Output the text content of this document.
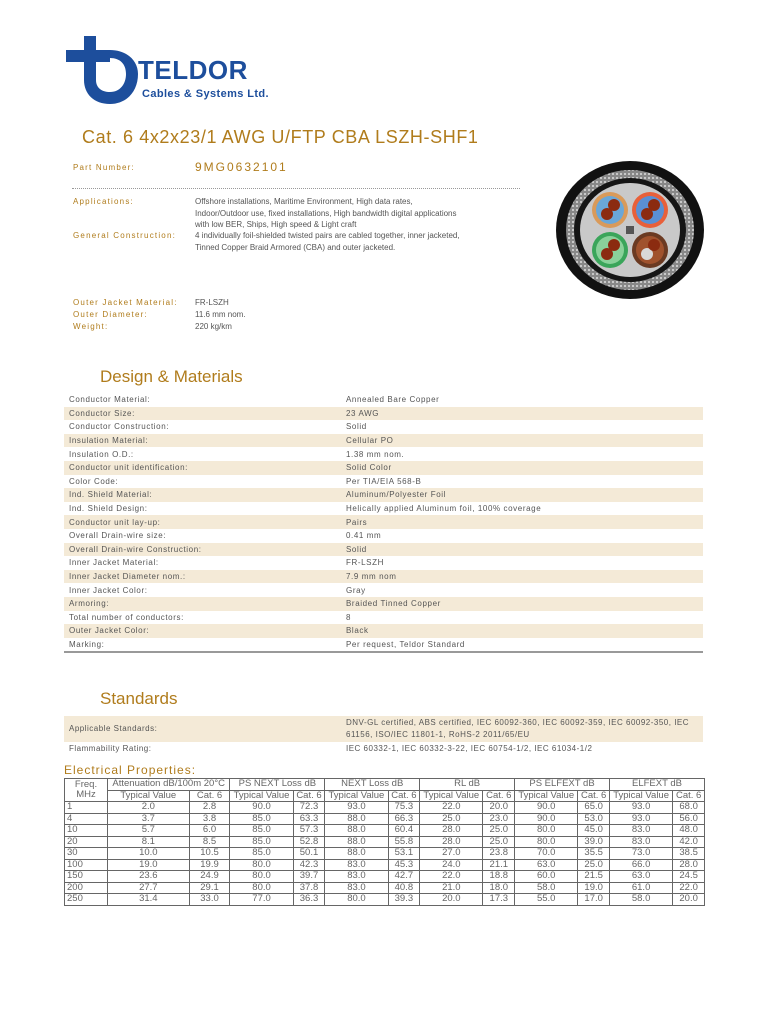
TELDOR
Cables & Systems Ltd.
Cat. 6 4x2x23/1 AWG U/FTP CBA LSZH-SHF1
Part Number:	9MG0632101
Applications:	Offshore installations, Maritime Environment, High data rates,
Indoor/Outdoor use, fixed installations, High bandwidth digital applications
with low BER, Ships, High speed & Light craft
General Construction: 4 individually foil-shielded twisted pairs are cabled together, inner jacketed,
Tinned Copper Braid Armored (CBA) and outer jacketed.
Outer Jacket Material: FR-LSZH
Outer Diameter:	11.6 mm nom.
Weight:	220 kg/km
Design & Materials
Conductor Material:	Annealed Bare Copper
Conductor Size:	23 AWG
Conductor Construction:	Solid
Insulation Material:	Cellular PO
Insulation O.D.:	1.38 mm nom.
Conductor unit identification:	Solid Color
Color Code:	Per TIA/EIA 568-B
Ind. Shield Material:	Aluminum/Polyester Foil
Ind. Shield Design:	Helically applied Aluminum foil, 100% coverage
Conductor unit lay-up:	Pairs
Overall Drain-wire size:	0.41 mm
Overall Drain-wire Construction:	Solid
Inner Jacket Material:	FR-LSZH
Inner Jacket Diameter nom.:	7.9 mm nom
Inner Jacket Color:	Gray
Armoring:	Braided Tinned Copper
Total number of conductors:	8
Outer Jacket Color:	Black
Marking:	Per request, Teldor Standard
Standards
Applicable Standards:	DNV-GL certified, ABS certified, IEC 60092-360, IEC 60092-359, IEC 60092-350, IEC 61156, ISO/IEC 11801-1, RoHS-2 2011/65/EU
Flammability Rating:	IEC 60332-1, IEC 60332-3-22, IEC 60754-1/2, IEC 61034-1/2
Electrical Properties:
Freq. MHz	Attenuation dB/100m 20°C		PS NEXT Loss dB		NEXT Loss dB		RL dB		PS ELFEXT dB		ELFEXT dB	
	Typical Value	Cat. 6	Typical Value	Cat. 6	Typical Value	Cat. 6	Typical Value	Cat. 6	Typical Value	Cat. 6	Typical Value	Cat. 6
1	2.0	2.8	90.0	72.3	93.0	75.3	22.0	20.0	90.0	65.0	93.0	68.0
4	3.7	3.8	85.0	63.3	88.0	66.3	25.0	23.0	90.0	53.0	93.0	56.0
10	5.7	6.0	85.0	57.3	88.0	60.4	28.0	25.0	80.0	45.0	83.0	48.0
20	8.1	8.5	85.0	52.8	88.0	55.8	28.0	25.0	80.0	39.0	83.0	42.0
30	10.0	10.5	85.0	50.1	88.0	53.1	27.0	23.8	70.0	35.5	73.0	38.5
100	19.0	19.9	80.0	42.3	83.0	45.3	24.0	21.1	63.0	25.0	66.0	28.0
150	23.6	24.9	80.0	39.7	83.0	42.7	22.0	18.8	60.0	21.5	63.0	24.5
200	27.7	29.1	80.0	37.8	83.0	40.8	21.0	18.0	58.0	19.0	61.0	22.0
250	31.4	33.0	77.0	36.3	80.0	39.3	20.0	17.3	55.0	17.0	58.0	20.0
